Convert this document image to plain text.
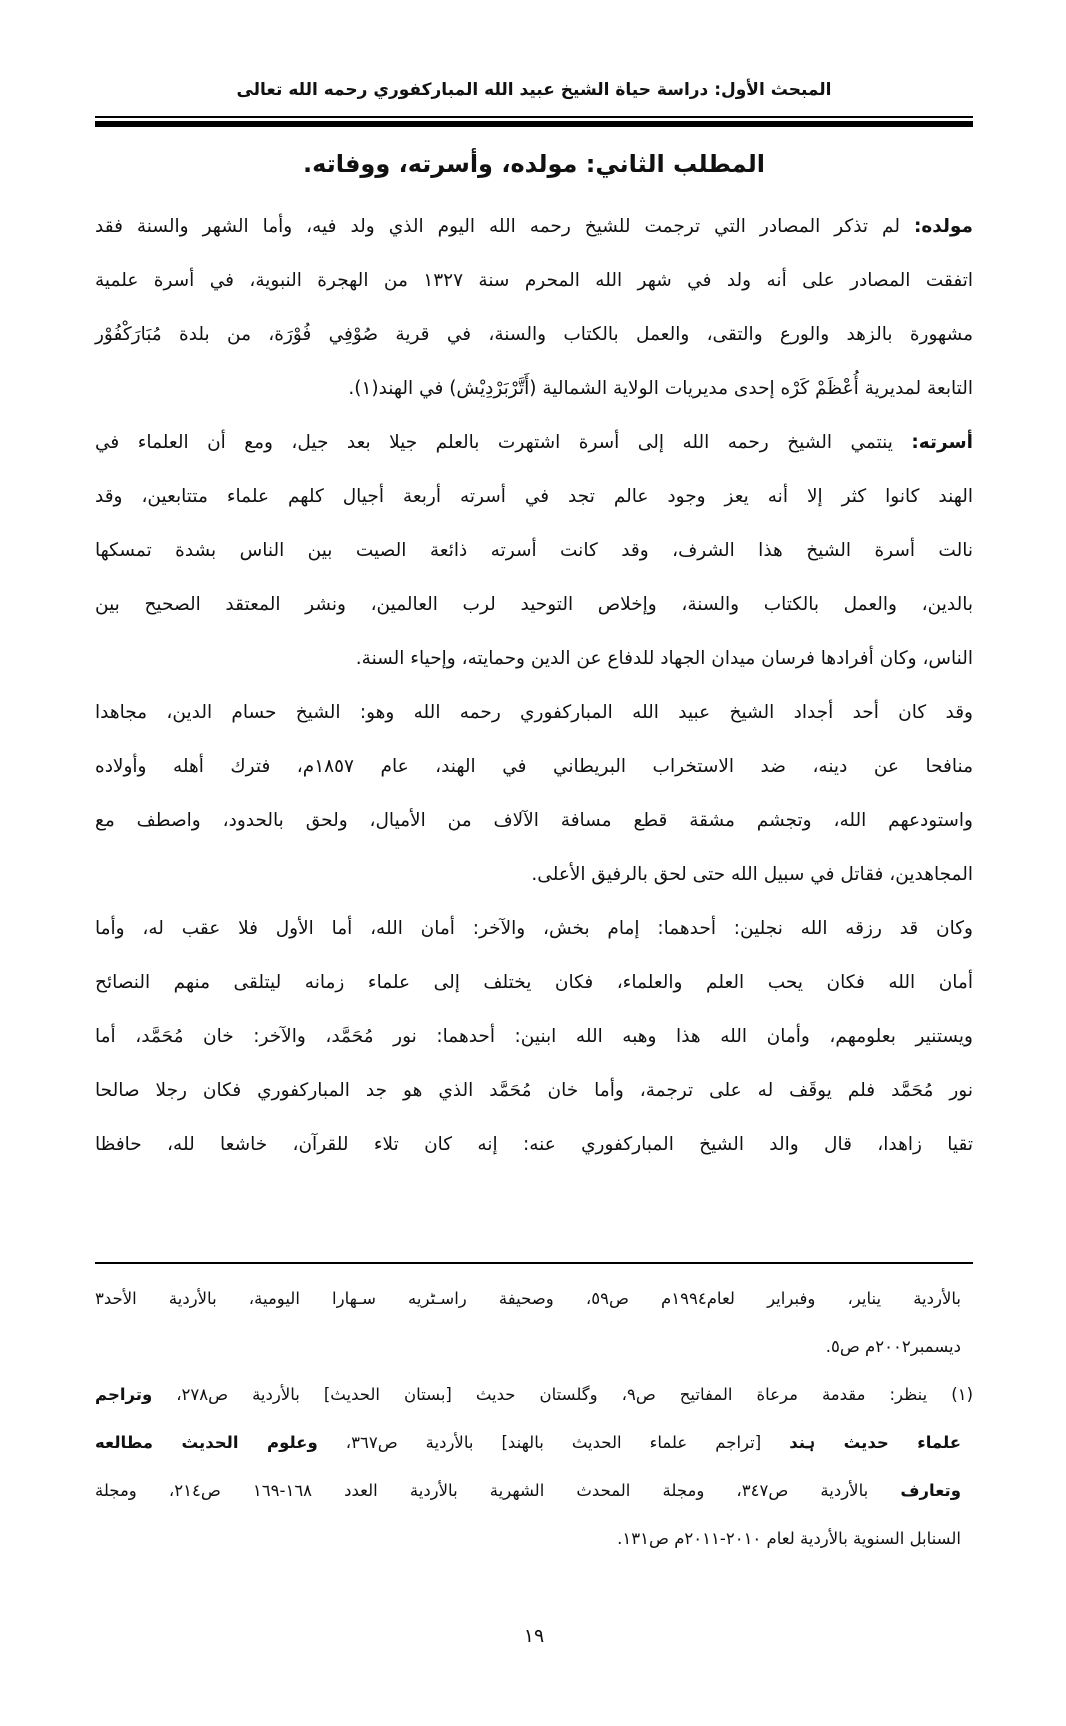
المبحث الأول: دراسة حياة الشيخ عبيد الله المباركفوري رحمه الله تعالى
المطلب الثاني: مولده، وأسرته، ووفاته.
مولده: لم تذكر المصادر التي ترجمت للشيخ رحمه الله اليوم الذي ولد فيه، وأما الشهر والسنة فقد
اتفقت المصادر على أنه ولد في شهر الله المحرم سنة ١٣٢٧ من الهجرة النبوية، في أسرة علمية
مشهورة بالزهد والورع والتقى، والعمل بالكتاب والسنة، في قرية صُوْفِي فُوْرَة، من بلدة مُبَارَكْفُوْر
التابعة لمديرية أُعْظَمْ كَرْه إحدى مديريات الولاية الشمالية (أَتَّرْبَرْدِيْش) في الهند(١).
أسرته: ينتمي الشيخ رحمه الله إلى أسرة اشتهرت بالعلم جيلا بعد جيل، ومع أن العلماء في
الهند كانوا كثر إلا أنه يعز وجود عالم تجد في أسرته أربعة أجيال كلهم علماء متتابعين، وقد
نالت أسرة الشيخ هذا الشرف، وقد كانت أسرته ذائعة الصيت بين الناس بشدة تمسكها
بالدين، والعمل بالكتاب والسنة، وإخلاص التوحيد لرب العالمين، ونشر المعتقد الصحيح بين
الناس، وكان أفرادها فرسان ميدان الجهاد للدفاع عن الدين وحمايته، وإحياء السنة.
وقد كان أحد أجداد الشيخ عبيد الله المباركفوري رحمه الله وهو: الشيخ حسام الدين، مجاهدا
منافحا عن دينه، ضد الاستخراب البريطاني في الهند، عام ١٨٥٧م، فترك أهله وأولاده
واستودعهم الله، وتجشم مشقة قطع مسافة الآلاف من الأميال، ولحق بالحدود، واصطف مع
المجاهدين، فقاتل في سبيل الله حتى لحق بالرفيق الأعلى.
وكان قد رزقه الله نجلين: أحدهما: إمام بخش، والآخر: أمان الله، أما الأول فلا عقب له، وأما
أمان الله فكان يحب العلم والعلماء، فكان يختلف إلى علماء زمانه ليتلقى منهم النصائح
ويستنير بعلومهم، وأمان الله هذا وهبه الله ابنين: أحدهما: نور مُحَمَّد، والآخر: خان مُحَمَّد، أما
نور مُحَمَّد فلم يوقَف له على ترجمة، وأما خان مُحَمَّد الذي هو جد المباركفوري فكان رجلا صالحا
تقيا زاهدا، قال والد الشيخ المباركفوري عنه: إنه كان تلاء للقرآن، خاشعا لله، حافظا
بالأردية يناير، وفبراير لعام١٩٩٤م ص٥٩، وصحيفة راسـٹريه سـهارا اليومية، بالأردية الأحد٣
ديسمبر٢٠٠٢م ص٥.
(١) ينظر: مقدمة مرعاة المفاتيح ص٩، وگلستان حديث [بستان الحديث] بالأردية ص٢٧٨، وتراجم
علماء حديث ہند [تراجم علماء الحديث بالهند] بالأردية ص٣٦٧، وعلوم الحديث مطالعه
وتعارف بالأردية ص٣٤٧، ومجلة المحدث الشهرية بالأردية العدد ١٦٨-١٦٩ ص٢١٤، ومجلة
السنابل السنوية بالأردية لعام ٢٠١٠-٢٠١١م ص١٣١.
١٩
